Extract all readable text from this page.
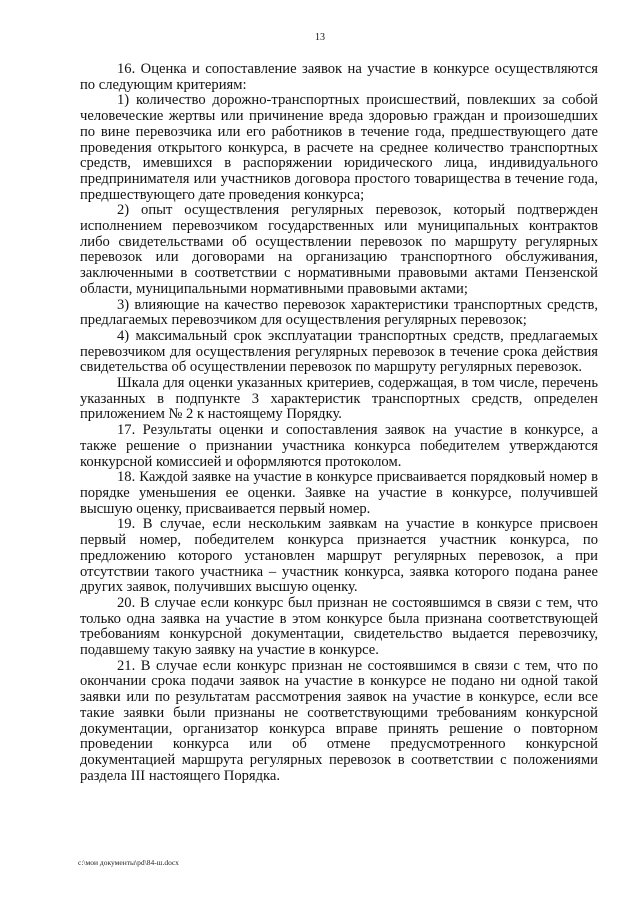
13

16. Оценка и сопоставление заявок на участие в конкурсе осуществляются по следующим критериям:

1) количество дорожно-транспортных происшествий, повлекших за собой человеческие жертвы или причинение вреда здоровью граждан и произошедших по вине перевозчика или его работников в течение года, предшествующего дате проведения открытого конкурса, в расчете на среднее количество транспортных средств, имевшихся в распоряжении юридического лица, индивидуального предпринимателя или участников договора простого товарищества в течение года, предшествующего дате проведения конкурса;

2) опыт осуществления регулярных перевозок, который подтвержден исполнением перевозчиком государственных или муниципальных контрактов либо свидетельствами об осуществлении перевозок по маршруту регулярных перевозок или договорами на организацию транспортного обслуживания, заключенными в соответствии с нормативными правовыми актами Пензенской области, муниципальными нормативными правовыми актами;

3) влияющие на качество перевозок характеристики транспортных средств, предлагаемых перевозчиком для осуществления регулярных перевозок;

4) максимальный срок эксплуатации транспортных средств, предлагаемых перевозчиком для осуществления регулярных перевозок в течение срока действия свидетельства об осуществлении перевозок по маршруту регулярных перевозок.

Шкала для оценки указанных критериев, содержащая, в том числе, перечень указанных в подпункте 3 характеристик транспортных средств, определен приложением № 2 к настоящему Порядку.

17. Результаты оценки и сопоставления заявок на участие в конкурсе, а также решение о признании участника конкурса победителем утверждаются конкурсной комиссией и оформляются протоколом.

18. Каждой заявке на участие в конкурсе присваивается порядковый номер в порядке уменьшения ее оценки. Заявке на участие в конкурсе, получившей высшую оценку, присваивается первый номер.

19. В случае, если нескольким заявкам на участие в конкурсе присвоен первый номер, победителем конкурса признается участник конкурса, по предложению которого установлен маршрут регулярных перевозок, а при отсутствии такого участника – участник конкурса, заявка которого подана ранее других заявок, получивших высшую оценку.

20. В случае если конкурс был признан не состоявшимся в связи с тем, что только одна заявка на участие в этом конкурсе была признана соответствующей требованиям конкурсной документации, свидетельство выдается перевозчику, подавшему такую заявку на участие в конкурсе.

21. В случае если конкурс признан не состоявшимся в связи с тем, что по окончании срока подачи заявок на участие в конкурсе не подано ни одной такой заявки или по результатам рассмотрения заявок на участие в конкурсе, если все такие заявки были признаны не соответствующими требованиям конкурсной документации, организатор конкурса вправе принять решение о повторном проведении конкурса или об отмене предусмотренного конкурсной документацией маршрута регулярных перевозок в соответствии с положениями раздела III настоящего Порядка.

c:\мои документы\pd\84-ш.docx
